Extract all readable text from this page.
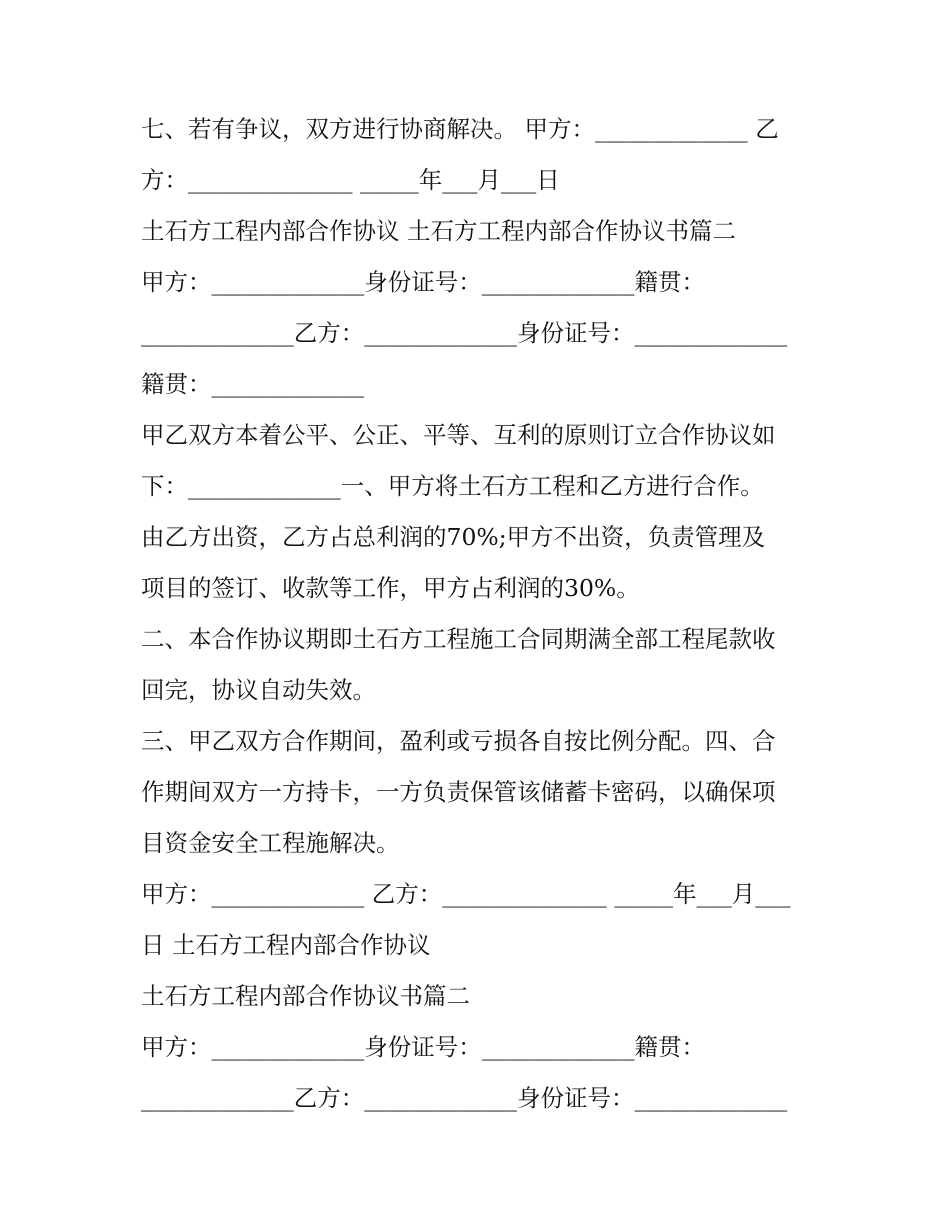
七、若有争议，双方进行协商解决。 甲方：_____________ 乙
方：______________ _____年___月___日
土石方工程内部合作协议 土石方工程内部合作协议书篇二
甲方：_____________身份证号：_____________籍贯：
_____________乙方：_____________身份证号：_____________
籍贯：_____________
甲乙双方本着公平、公正、平等、互利的原则订立合作协议如
下：_____________一、甲方将土石方工程和乙方进行合作。
由乙方出资，乙方占总利润的70%;甲方不出资，负责管理及
项目的签订、收款等工作，甲方占利润的30%。
二、本合作协议期即土石方工程施工合同期满全部工程尾款收
回完，协议自动失效。
三、甲乙双方合作期间，盈利或亏损各自按比例分配。四、合
作期间双方一方持卡，一方负责保管该储蓄卡密码，以确保项
目资金安全工程施解决。
甲方：_____________ 乙方：______________ _____年___月___
日 土石方工程内部合作协议
土石方工程内部合作协议书篇二
甲方：_____________身份证号：_____________籍贯：
_____________乙方：_____________身份证号：_____________
